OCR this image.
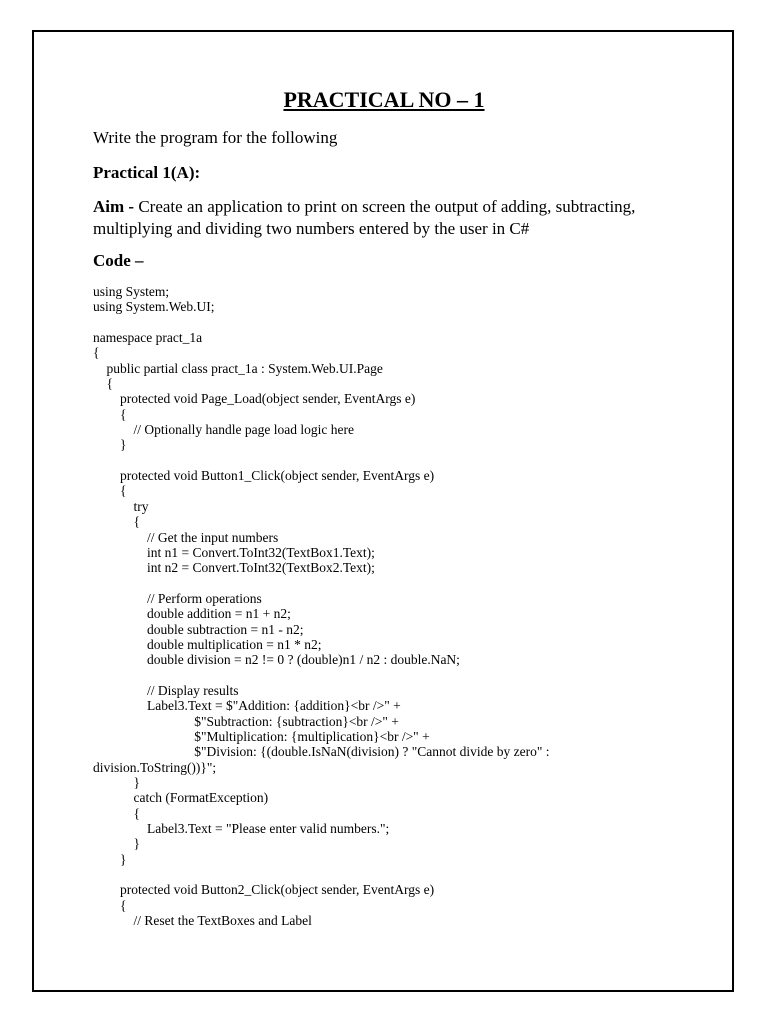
PRACTICAL NO – 1
Write the program for the following
Practical 1(A):
Aim - Create an application to print on screen the output of adding, subtracting, multiplying and dividing two numbers entered by the user in C#
Code –
using System;
using System.Web.UI;
namespace pract_1a
{
public partial class pract_1a : System.Web.UI.Page
{
protected void Page_Load(object sender, EventArgs e)
{
// Optionally handle page load logic here
}
protected void Button1_Click(object sender, EventArgs e)
{
try
{
// Get the input numbers
int n1 = Convert.ToInt32(TextBox1.Text);
int n2 = Convert.ToInt32(TextBox2.Text);
// Perform operations
double addition = n1 + n2;
double subtraction = n1 - n2;
double multiplication = n1 * n2;
double division = n2 != 0 ? (double)n1 / n2 : double.NaN;
// Display results
Label3.Text = $"Addition: {addition}<br />" +
$"Subtraction: {subtraction}<br />" +
$"Multiplication: {multiplication}<br />" +
$"Division: {(double.IsNaN(division) ? "Cannot divide by zero" :
division.ToString())}";
}
catch (FormatException)
{
Label3.Text = "Please enter valid numbers.";
}
}
protected void Button2_Click(object sender, EventArgs e)
{
// Reset the TextBoxes and Label
